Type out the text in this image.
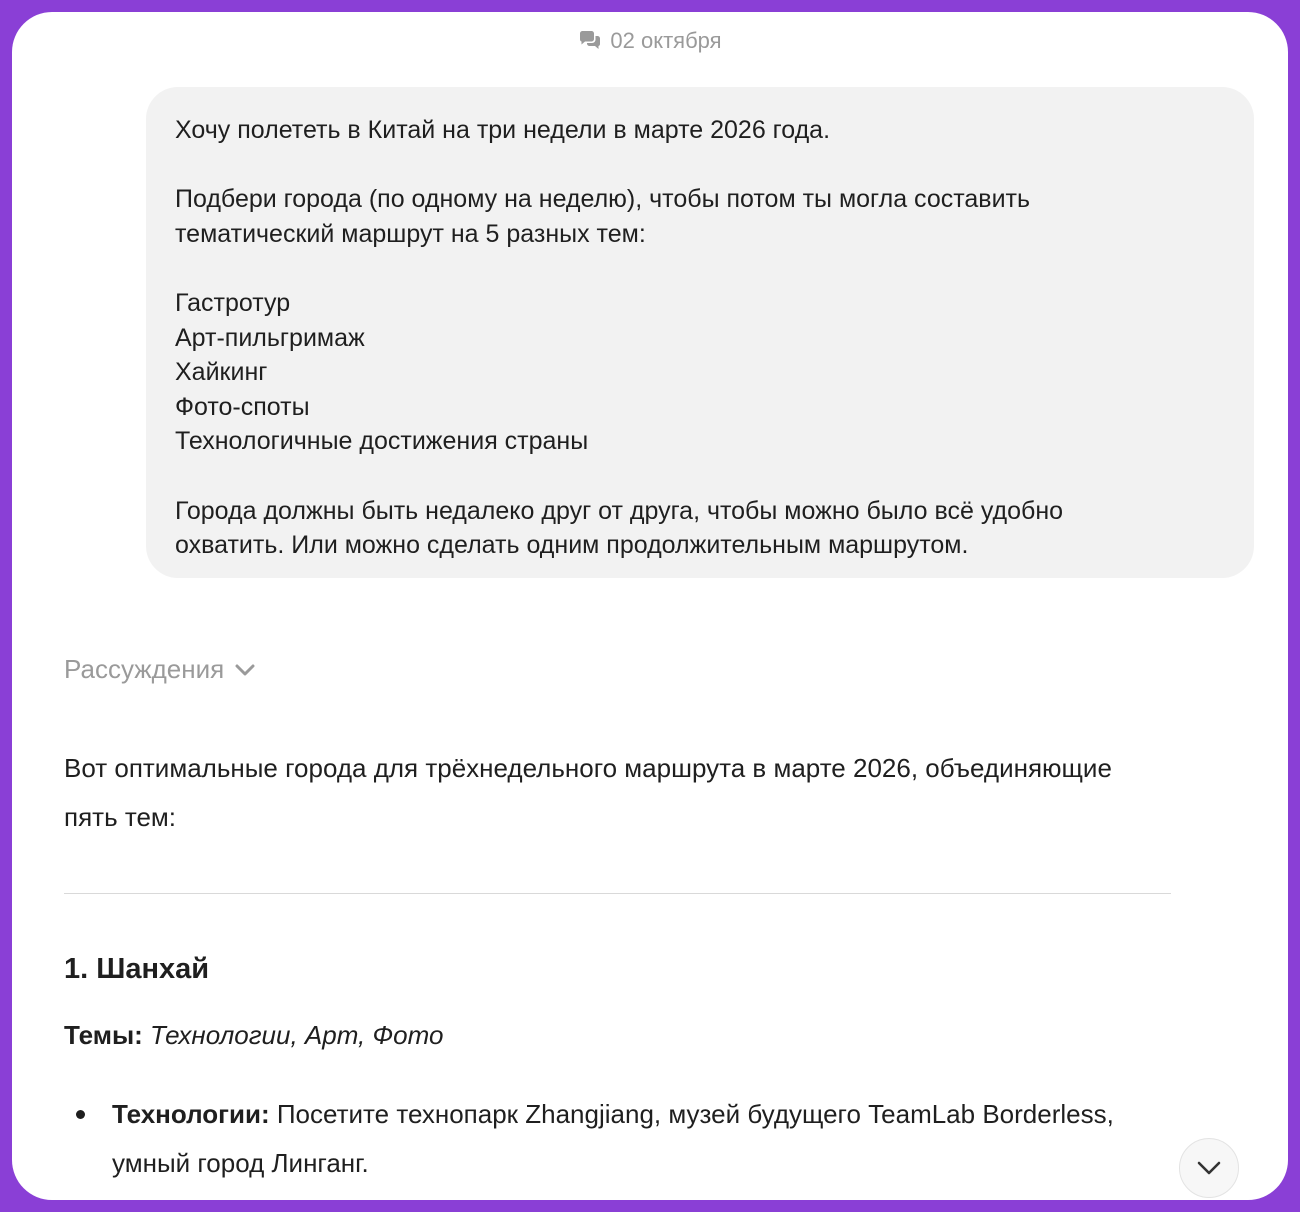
02 октября

Хочу полететь в Китай на три недели в марте 2026 года.

Подбери города (по одному на неделю), чтобы потом ты могла составить

тематический маршрут на 5 разных тем:

Гастротур

Арт-пильгримаж

Хайкинг

Фото-споты

Технологичные достижения страны

Города должны быть недалеко друг от друга, чтобы можно было всё удобно

охватить. Или можно сделать одним продолжительным маршрутом.

Рассуждения
Вот оптимальные города для трёхнедельного маршрута в марте 2026, объединяющие
пять тем:
1. Шанхай
Темы: Технологии, Арт, Фото
Технологии: Посетите технопарк Zhangjiang, музей будущего TeamLab Borderless,
умный город Линганг.
